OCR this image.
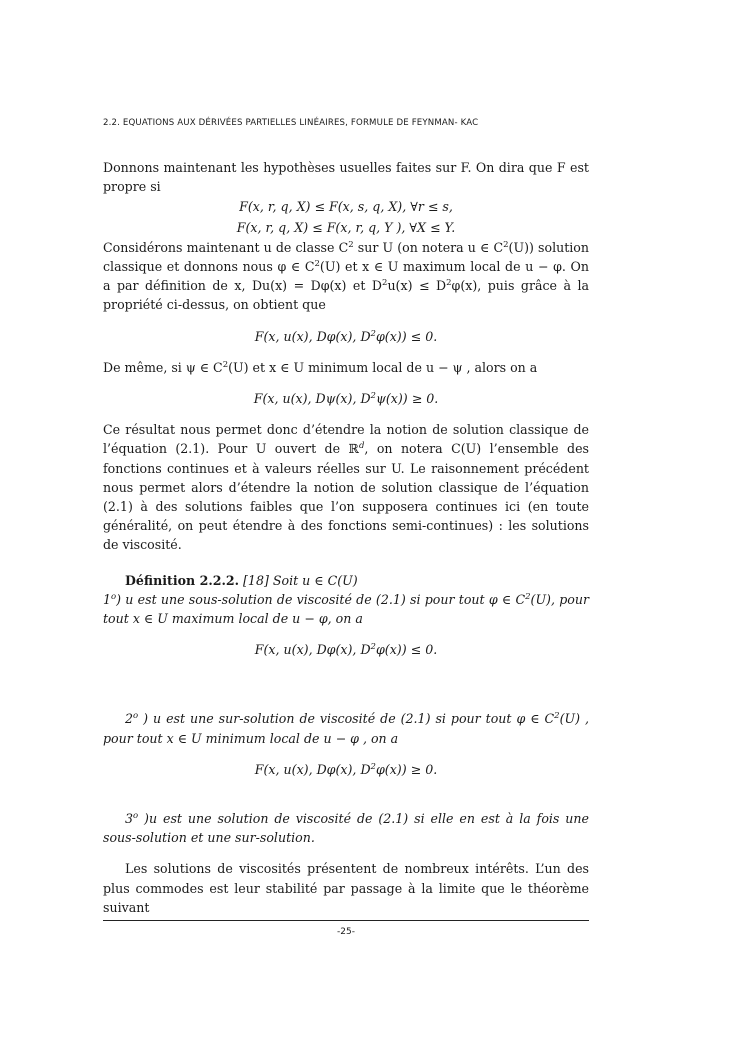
2.2. EQUATIONS AUX DÉRIVÉES PARTIELLES LINÉAIRES, FORMULE DE FEYNMAN- KAC

Donnons maintenant les hypothèses usuelles faites sur F. On dira que F est propre si

F(x, r, q, X) ≤ F(x, s, q, X), ∀r ≤ s,

F(x, r, q, X) ≤ F(x, r, q, Y ), ∀X ≤ Y.

Considérons maintenant u de classe $C^2$ sur U (on notera u ∈ $C^2(U)$) solution classique et donnons nous φ ∈ $C^2(U)$ et x ∈ U maximum local de u − φ. On a par définition de x, Du(x) = Dφ(x) et $D^2u(x) \le D^2\varphi(x)$, puis grâce à la propriété ci-dessus, on obtient que

F(x, u(x), Dφ(x), $D^2\varphi(x)) \le 0$.

De même, si ψ ∈ $C^2(U)$ et x ∈ U minimum local de u − ψ , alors on a

F(x, u(x), Dψ(x), $D^2\psi(x)) \ge 0$.

Ce résultat nous permet donc d’étendre la notion de solution classique de l’équation (2.1). Pour U ouvert de ℝ$^d$, on notera C(U) l’ensemble des fonctions continues et à valeurs réelles sur U. Le raisonnement précédent nous permet alors d’étendre la notion de solution classique de l’équation (2.1) à des solutions faibles que l’on supposera continues ici (en toute généralité, on peut étendre à des fonctions semi-continues) : les solutions de viscosité.

Définition 2.2.2. [18] Soit u ∈ C(U)

1$^o$) u est une sous-solution de viscosité de (2.1) si pour tout φ ∈ $C^2(U)$, pour tout x ∈ U maximum local de u − φ, on a

F(x, u(x), Dφ(x), $D^2\varphi(x)) \le 0$.

2$^o$ ) u est une sur-solution de viscosité de (2.1) si pour tout φ ∈ $C^2(U)$ , pour tout x ∈ U minimum local de u − φ , on a

F(x, u(x), Dφ(x), $D^2\varphi(x)) \ge 0$.

3$^o$ )u est une solution de viscosité de (2.1) si elle en est à la fois une sous-solution et une sur-solution.

Les solutions de viscosités présentent de nombreux intérêts. L’un des plus commodes est leur stabilité par passage à la limite que le théorème suivant

-25-
